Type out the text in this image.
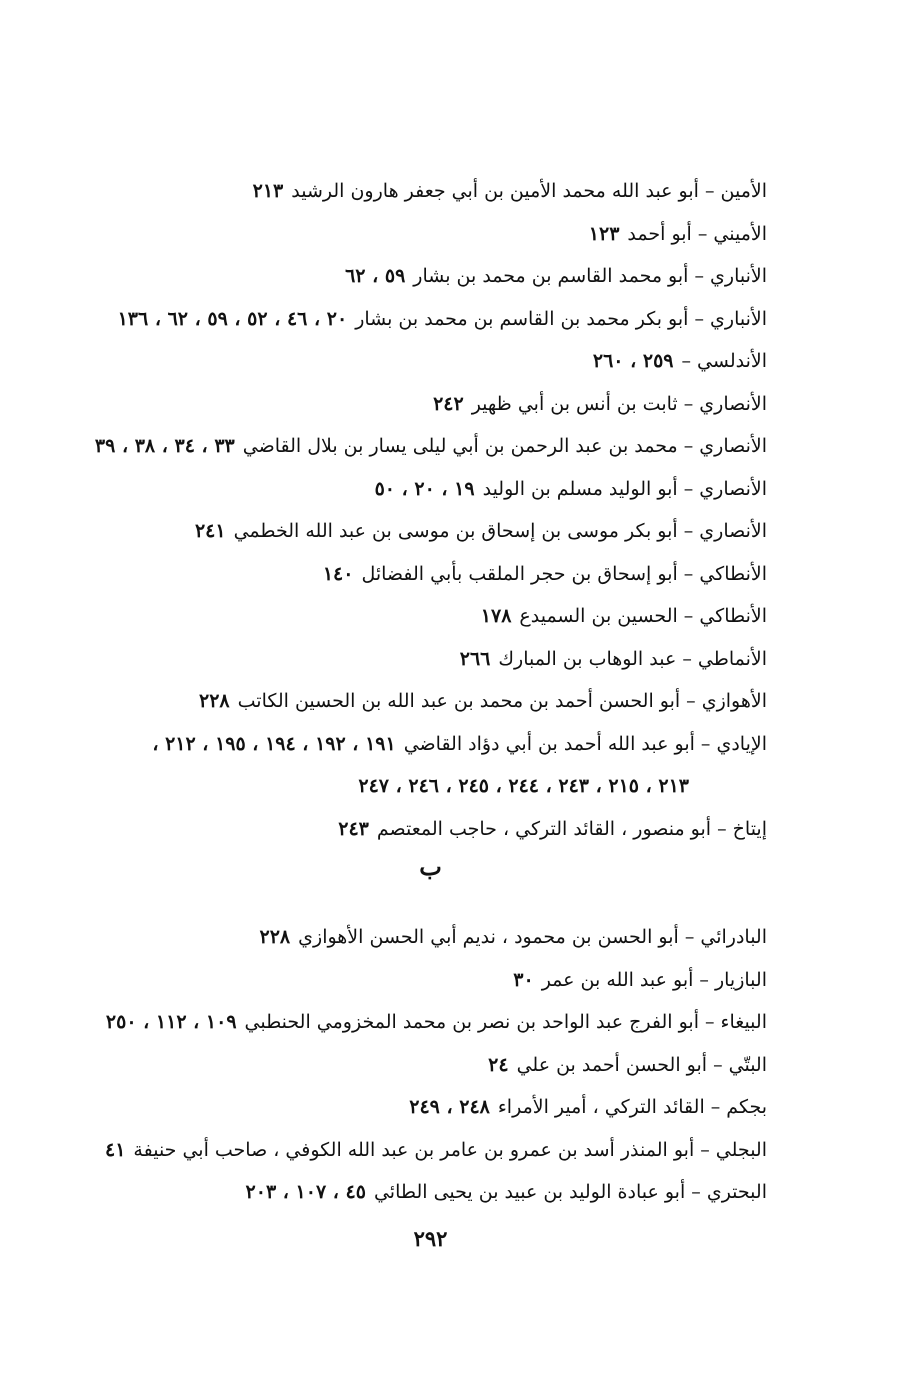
الأمين – أبو عبد الله محمد الأمين بن أبي جعفر هارون الرشيد٢١٣
الأميني – أبو أحمد١٢٣
الأنباري – أبو محمد القاسم بن محمد بن بشار٥٩ ، ٦٢
الأنباري – أبو بكر محمد بن القاسم بن محمد بن بشار٢٠ ، ٤٦ ، ٥٢ ، ٥٩ ، ٦٢ ، ١٣٦
الأندلسي –٢٥٩ ، ٢٦٠
الأنصاري – ثابت بن أنس بن أبي ظهير٢٤٢
الأنصاري – محمد بن عبد الرحمن بن أبي ليلى يسار بن بلال القاضي٣٣ ، ٣٤ ، ٣٨ ، ٣٩
الأنصاري – أبو الوليد مسلم بن الوليد١٩ ، ٢٠ ، ٥٠
الأنصاري – أبو بكر موسى بن إسحاق بن موسى بن عبد الله الخطمي٢٤١
الأنطاكي – أبو إسحاق بن حجر الملقب بأبي الفضائل١٤٠
الأنطاكي – الحسين بن السميدع١٧٨
الأنماطي – عبد الوهاب بن المبارك٢٦٦
الأهوازي – أبو الحسن أحمد بن محمد بن عبد الله بن الحسين الكاتب٢٢٨
الإيادي – أبو عبد الله أحمد بن أبي دؤاد القاضي١٩١ ، ١٩٢ ، ١٩٤ ، ١٩٥ ، ٢١٢ ،
٢١٣ ، ٢١٥ ، ٢٤٣ ، ٢٤٤ ، ٢٤٥ ، ٢٤٦ ، ٢٤٧
إيتاخ – أبو منصور ، القائد التركي ، حاجب المعتصم٢٤٣
ب
البادرائي – أبو الحسن بن محمود ، نديم أبي الحسن الأهوازي٢٢٨
البازيار – أبو عبد الله بن عمر٣٠
البيغاء – أبو الفرج عبد الواحد بن نصر بن محمد المخزومي الحنطبي١٠٩ ، ١١٢ ، ٢٥٠
البتّي – أبو الحسن أحمد بن علي٢٤
بجكم – القائد التركي ، أمير الأمراء٢٤٨ ، ٢٤٩
البجلي – أبو المنذر أسد بن عمرو بن عامر بن عبد الله الكوفي ، صاحب أبي حنيفة٤١
البحتري – أبو عبادة الوليد بن عبيد بن يحيى الطائي٤٥ ، ١٠٧ ، ٢٠٣
٢٩٢
